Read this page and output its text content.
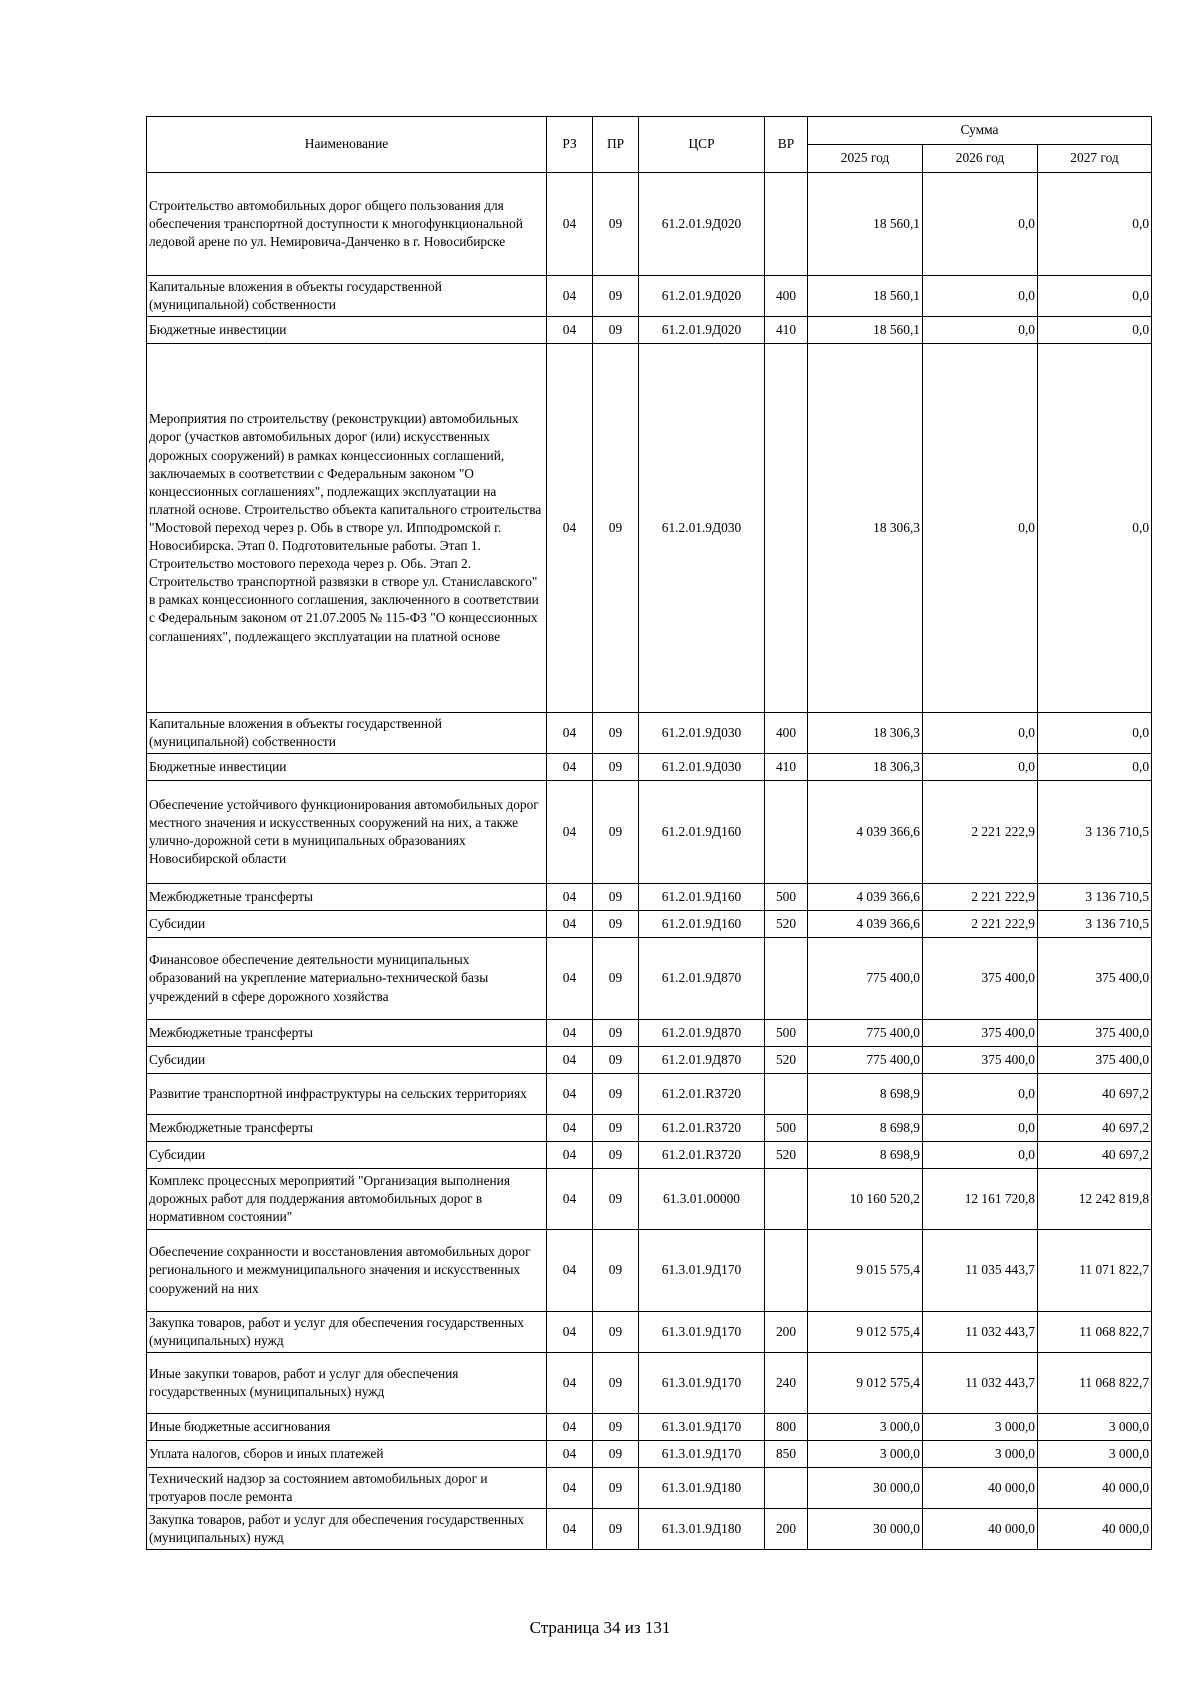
Наименование	РЗ	ПР	ЦСР	ВР	Сумма		
					2025 год	2026 год	2027 год
Строительство автомобильных дорог общего пользования для обеспечения транспортной доступности к многофункциональной ледовой арене по ул. Немировича-Данченко в г. Новосибирске	04	09	61.2.01.9Д020		18 560,1	0,0	0,0
Капитальные вложения в объекты государственной (муниципальной) собственности	04	09	61.2.01.9Д020	400	18 560,1	0,0	0,0
Бюджетные инвестиции	04	09	61.2.01.9Д020	410	18 560,1	0,0	0,0
Мероприятия по строительству (реконструкции) автомобильных дорог (участков автомобильных дорог (или) искусственных дорожных сооружений) в рамках концессионных соглашений, заключаемых в соответствии с Федеральным законом "О концессионных соглашениях", подлежащих эксплуатации на платной основе. Строительство объекта капитального строительства "Мостовой переход через р. Обь в створе ул. Ипподромской г. Новосибирска. Этап 0. Подготовительные работы. Этап 1. Строительство мостового перехода через р. Обь. Этап 2. Строительство транспортной развязки в створе ул. Станиславского" в рамках концессионного соглашения, заключенного в соответствии с Федеральным законом от 21.07.2005 № 115-ФЗ "О концессионных соглашениях", подлежащего эксплуатации на платной основе	04	09	61.2.01.9Д030		18 306,3	0,0	0,0
Капитальные вложения в объекты государственной (муниципальной) собственности	04	09	61.2.01.9Д030	400	18 306,3	0,0	0,0
Бюджетные инвестиции	04	09	61.2.01.9Д030	410	18 306,3	0,0	0,0
Обеспечение устойчивого функционирования автомобильных дорог местного значения и искусственных сооружений на них, а также улично-дорожной сети в муниципальных образованиях Новосибирской области	04	09	61.2.01.9Д160		4 039 366,6	2 221 222,9	3 136 710,5
Межбюджетные трансферты	04	09	61.2.01.9Д160	500	4 039 366,6	2 221 222,9	3 136 710,5
Субсидии	04	09	61.2.01.9Д160	520	4 039 366,6	2 221 222,9	3 136 710,5
Финансовое обеспечение деятельности муниципальных образований на укрепление материально-технической базы учреждений в сфере дорожного хозяйства	04	09	61.2.01.9Д870		775 400,0	375 400,0	375 400,0
Межбюджетные трансферты	04	09	61.2.01.9Д870	500	775 400,0	375 400,0	375 400,0
Субсидии	04	09	61.2.01.9Д870	520	775 400,0	375 400,0	375 400,0
Развитие транспортной инфраструктуры на сельских территориях	04	09	61.2.01.R3720		8 698,9	0,0	40 697,2
Межбюджетные трансферты	04	09	61.2.01.R3720	500	8 698,9	0,0	40 697,2
Субсидии	04	09	61.2.01.R3720	520	8 698,9	0,0	40 697,2
Комплекс процессных мероприятий "Организация выполнения дорожных работ для поддержания автомобильных дорог в нормативном состоянии"	04	09	61.3.01.00000		10 160 520,2	12 161 720,8	12 242 819,8
Обеспечение сохранности и восстановления автомобильных дорог регионального и межмуниципального значения и искусственных сооружений на них	04	09	61.3.01.9Д170		9 015 575,4	11 035 443,7	11 071 822,7
Закупка товаров, работ и услуг для обеспечения государственных (муниципальных) нужд	04	09	61.3.01.9Д170	200	9 012 575,4	11 032 443,7	11 068 822,7
Иные закупки товаров, работ и услуг для обеспечения государственных (муниципальных) нужд	04	09	61.3.01.9Д170	240	9 012 575,4	11 032 443,7	11 068 822,7
Иные бюджетные ассигнования	04	09	61.3.01.9Д170	800	3 000,0	3 000,0	3 000,0
Уплата налогов, сборов и иных платежей	04	09	61.3.01.9Д170	850	3 000,0	3 000,0	3 000,0
Технический надзор за состоянием автомобильных дорог и тротуаров после ремонта	04	09	61.3.01.9Д180		30 000,0	40 000,0	40 000,0
Закупка товаров, работ и услуг для обеспечения государственных (муниципальных) нужд	04	09	61.3.01.9Д180	200	30 000,0	40 000,0	40 000,0
Страница 34 из 131
